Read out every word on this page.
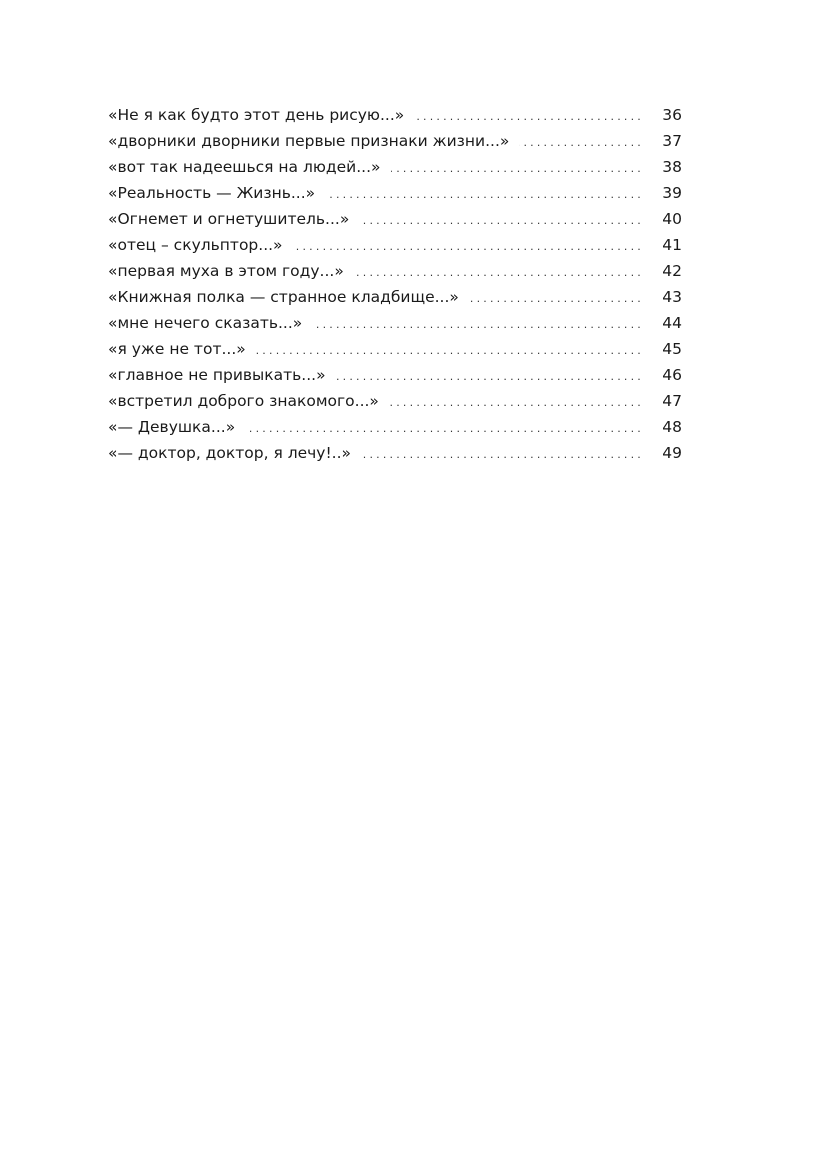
«Не я как будто этот день рисую...» .....	36
«дворники дворники первые признаки жизни...» .....	37
«вот так надеешься на людей...» .....	38
«Реальность — Жизнь...» .....	39
«Огнемет и огнетушитель...» .....	40
«отец – скульптор...» .....	41
«первая муха в этом году...» .....	42
«Книжная полка — странное кладбище...» .....	43
«мне нечего сказать...» .....	44
«я уже не тот...» .....	45
«главное не привыкать...» .....	46
«встретил доброго знакомого...» .....	47
«— Девушка...» .....	48
«— доктор, доктор, я лечу!..» .....	49
